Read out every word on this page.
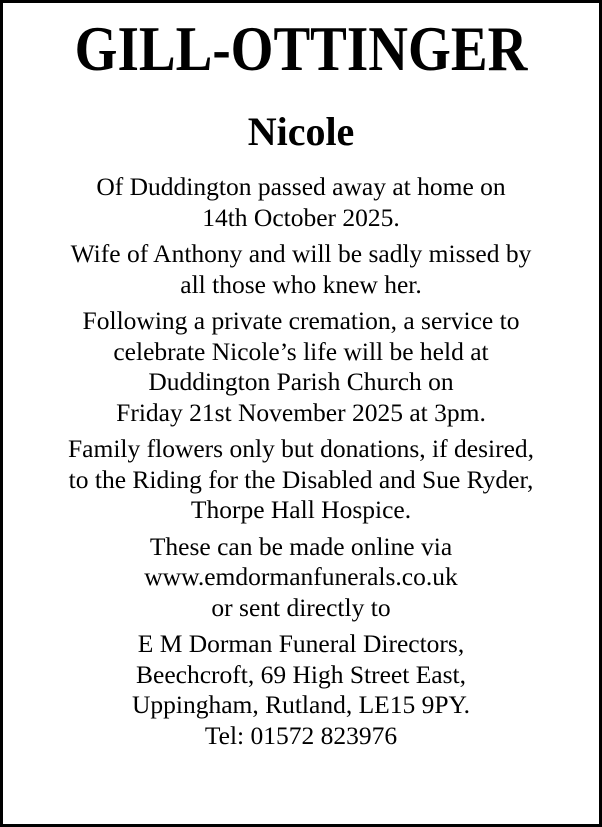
GILL-OTTINGER
Nicole

Of Duddington passed away at home on
14th October 2025.

Wife of Anthony and will be sadly missed by
all those who knew her.

Following a private cremation, a service to
celebrate Nicole’s life will be held at
Duddington Parish Church on
Friday 21st November 2025 at 3pm.

Family flowers only but donations, if desired,
to the Riding for the Disabled and Sue Ryder,
Thorpe Hall Hospice.

These can be made online via
www.emdormanfunerals.co.uk
or sent directly to

E M Dorman Funeral Directors,
Beechcroft, 69 High Street East,
Uppingham, Rutland, LE15 9PY.
Tel: 01572 823976
